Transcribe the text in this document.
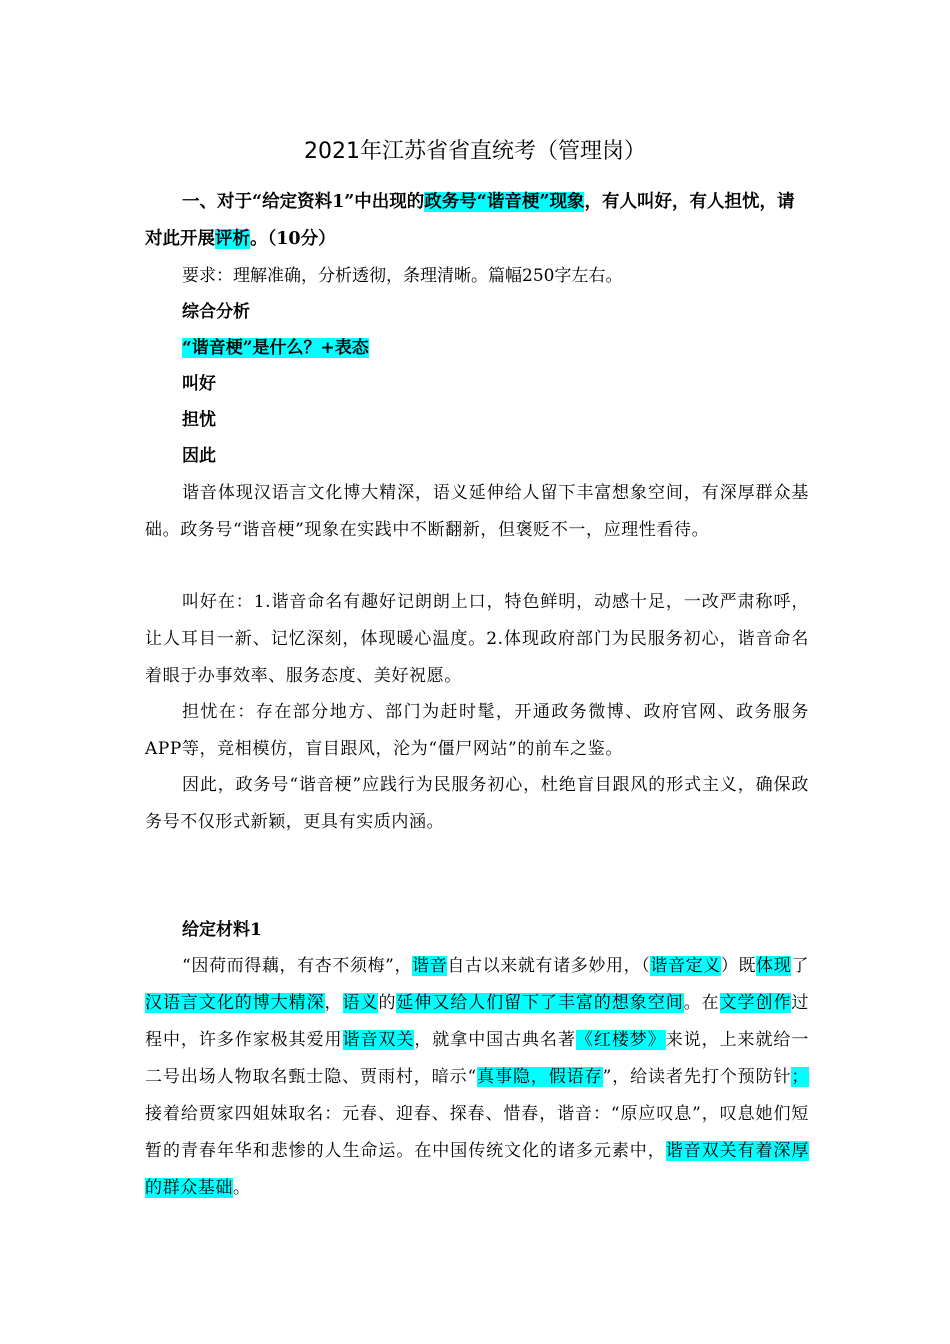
2021年江苏省省直统考（管理岗）
一、对于“给定资料1”中出现的政务号“谐音梗”现象，有人叫好，有人担忧，请对此开展评析。（10分）
要求：理解准确，分析透彻，条理清晰。篇幅250字左右。
综合分析
“谐音梗”是什么？+表态
叫好
担忧
因此
谐音体现汉语言文化博大精深，语义延伸给人留下丰富想象空间，有深厚群众基础。政务号“谐音梗”现象在实践中不断翻新，但褒贬不一，应理性看待。
叫好在：1.谐音命名有趣好记朗朗上口，特色鲜明，动感十足，一改严肃称呼，让人耳目一新、记忆深刻，体现暖心温度。2.体现政府部门为民服务初心，谐音命名着眼于办事效率、服务态度、美好祝愿。
担忧在：存在部分地方、部门为赶时髦，开通政务微博、政府官网、政务服务APP等，竞相模仿，盲目跟风，沦为“僵尸网站”的前车之鉴。
因此，政务号“谐音梗”应践行为民服务初心，杜绝盲目跟风的形式主义，确保政务号不仅形式新颖，更具有实质内涵。
给定材料1
“因荷而得藕，有杏不须梅”，谐音自古以来就有诸多妙用，（谐音定义）既体现了汉语言文化的博大精深，语义的延伸又给人们留下了丰富的想象空间。在文学创作过程中，许多作家极其爱用谐音双关，就拿中国古典名著《红楼梦》来说，上来就给一二号出场人物取名甄士隐、贾雨村，暗示“真事隐，假语存”，给读者先打个预防针；接着给贾家四姐妹取名：元春、迎春、探春、惜春，谐音：“原应叹息”，叹息她们短暂的青春年华和悲惨的人生命运。在中国传统文化的诸多元素中，谐音双关有着深厚的群众基础。
